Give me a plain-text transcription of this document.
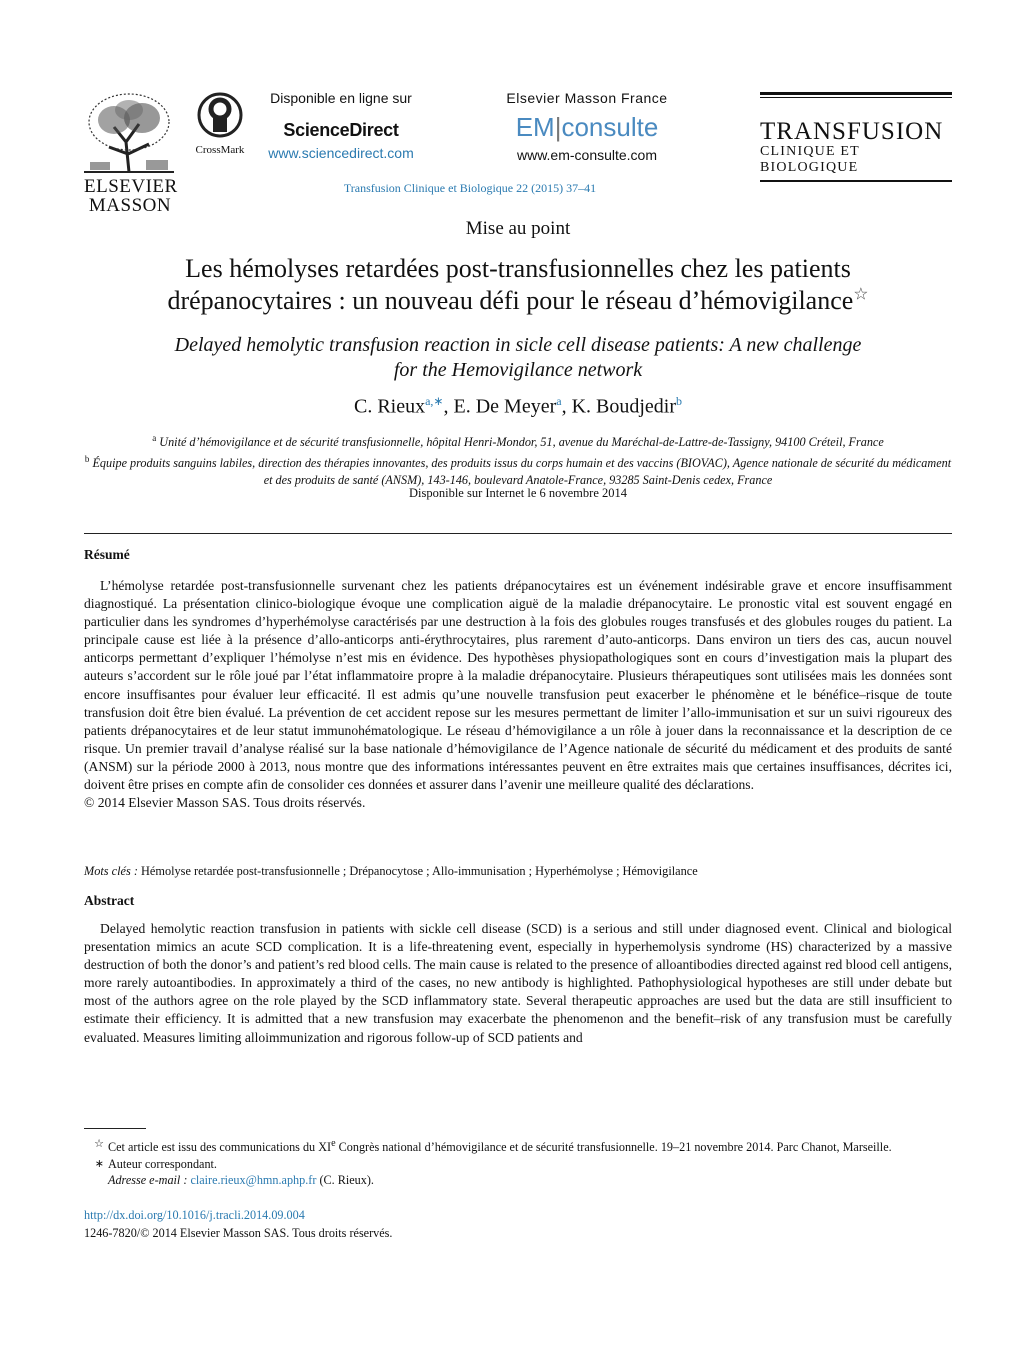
ELSEVIER
MASSON
CrossMark
Disponible en ligne sur
ScienceDirect
www.sciencedirect.com
Elsevier Masson France
EM|consulte
www.em-consulte.com
TRANSFUSION
CLINIQUE ET BIOLOGIQUE
Transfusion Clinique et Biologique 22 (2015) 37–41
Mise au point
Les hémolyses retardées post-transfusionnelles chez les patients
drépanocytaires : un nouveau défi pour le réseau d’hémovigilance☆
Delayed hemolytic transfusion reaction in sicle cell disease patients: A new challenge
for the Hemovigilance network
C. Rieux$^{a,∗}$, E. De Meyer$^a$, K. Boudjedir$^b$
$^a$ Unité d’hémovigilance et de sécurité transfusionnelle, hôpital Henri-Mondor, 51, avenue du Maréchal-de-Lattre-de-Tassigny, 94100 Créteil, France
$^b$ Équipe produits sanguins labiles, direction des thérapies innovantes, des produits issus du corps humain et des vaccins (BIOVAC), Agence nationale de sécurité du médicament et des produits de santé (ANSM), 143-146, boulevard Anatole-France, 93285 Saint-Denis cedex, France
Disponible sur Internet le 6 novembre 2014
Résumé

L’hémolyse retardée post-transfusionnelle survenant chez les patients drépanocytaires est un événement indésirable grave et encore insuffisamment diagnostiqué. La présentation clinico-biologique évoque une complication aiguë de la maladie drépanocytaire. Le pronostic vital est souvent engagé en particulier dans les syndromes d’hyperhémolyse caractérisés par une destruction à la fois des globules rouges transfusés et des globules rouges du patient. La principale cause est liée à la présence d’allo-anticorps anti-érythrocytaires, plus rarement d’auto-anticorps. Dans environ un tiers des cas, aucun nouvel anticorps permettant d’expliquer l’hémolyse n’est mis en évidence. Des hypothèses physiopathologiques sont en cours d’investigation mais la plupart des auteurs s’accordent sur le rôle joué par l’état inflammatoire propre à la maladie drépanocytaire. Plusieurs thérapeutiques sont utilisées mais les données sont encore insuffisantes pour évaluer leur efficacité. Il est admis qu’une nouvelle transfusion peut exacerber le phénomène et le bénéfice–risque de toute transfusion doit être bien évalué. La prévention de cet accident repose sur les mesures permettant de limiter l’allo-immunisation et sur un suivi rigoureux des patients drépanocytaires et de leur statut immunohématologique. Le réseau d’hémovigilance a un rôle à jouer dans la reconnaissance et la description de ce risque. Un premier travail d’analyse réalisé sur la base nationale d’hémovigilance de l’Agence nationale de sécurité du médicament et des produits de santé (ANSM) sur la période 2000 à 2013, nous montre que des informations intéressantes peuvent en être extraites mais que certaines insuffisances, décrites ici, doivent être prises en compte afin de consolider ces données et assurer dans l’avenir une meilleure qualité des déclarations.

© 2014 Elsevier Masson SAS. Tous droits réservés.
Mots clés : Hémolyse retardée post-transfusionnelle ; Drépanocytose ; Allo-immunisation ; Hyperhémolyse ; Hémovigilance
Abstract

Delayed hemolytic reaction transfusion in patients with sickle cell disease (SCD) is a serious and still under diagnosed event. Clinical and biological presentation mimics an acute SCD complication. It is a life-threatening event, especially in hyperhemolysis syndrome (HS) characterized by a massive destruction of both the donor’s and patient’s red blood cells. The main cause is related to the presence of alloantibodies directed against red blood cell antigens, more rarely autoantibodies. In approximately a third of the cases, no new antibody is highlighted. Pathophysiological hypotheses are still under debate but most of the authors agree on the role played by the SCD inflammatory state. Several therapeutic approaches are used but the data are still insufficient to estimate their efficiency. It is admitted that a new transfusion may exacerbate the phenomenon and the benefit–risk of any transfusion must be carefully evaluated. Measures limiting alloimmunization and rigorous follow-up of SCD patients and

☆ Cet article est issu des communications du XIe Congrès national d’hémovigilance et de sécurité transfusionnelle. 19–21 novembre 2014. Parc Chanot, Marseille.
∗ Auteur correspondant.
Adresse e-mail : claire.rieux@hmn.aphp.fr (C. Rieux).
http://dx.doi.org/10.1016/j.tracli.2014.09.004
1246-7820/© 2014 Elsevier Masson SAS. Tous droits réservés.
